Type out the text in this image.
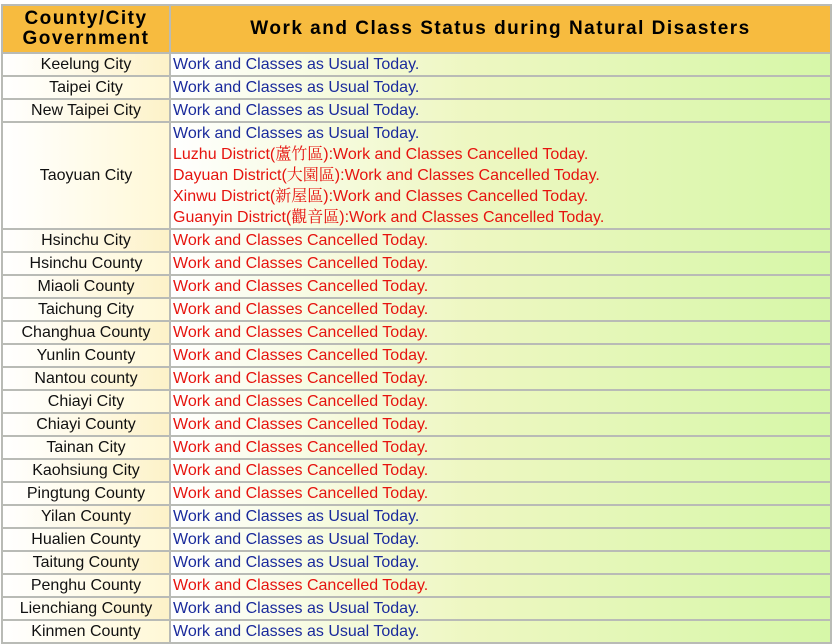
County/City
Government	Work and Class Status during Natural Disasters
Keelung City	Work and Classes as Usual Today.

Taipei City	Work and Classes as Usual Today.

New Taipei City	Work and Classes as Usual Today.

Taoyuan City	Work and Classes as Usual Today.
Luzhu District(蘆竹區):Work and Classes Cancelled Today.
Dayuan District(大園區):Work and Classes Cancelled Today.
Xinwu District(新屋區):Work and Classes Cancelled Today.
Guanyin District(觀音區):Work and Classes Cancelled Today.

Hsinchu City	Work and Classes Cancelled Today.

Hsinchu County	Work and Classes Cancelled Today.

Miaoli County	Work and Classes Cancelled Today.

Taichung City	Work and Classes Cancelled Today.

Changhua County	Work and Classes Cancelled Today.

Yunlin County	Work and Classes Cancelled Today.

Nantou county	Work and Classes Cancelled Today.

Chiayi City	Work and Classes Cancelled Today.

Chiayi County	Work and Classes Cancelled Today.

Tainan City	Work and Classes Cancelled Today.

Kaohsiung City	Work and Classes Cancelled Today.

Pingtung County	Work and Classes Cancelled Today.

Yilan County	Work and Classes as Usual Today.

Hualien County	Work and Classes as Usual Today.

Taitung County	Work and Classes as Usual Today.

Penghu County	Work and Classes Cancelled Today.

Lienchiang County	Work and Classes as Usual Today.

Kinmen County	Work and Classes as Usual Today.
